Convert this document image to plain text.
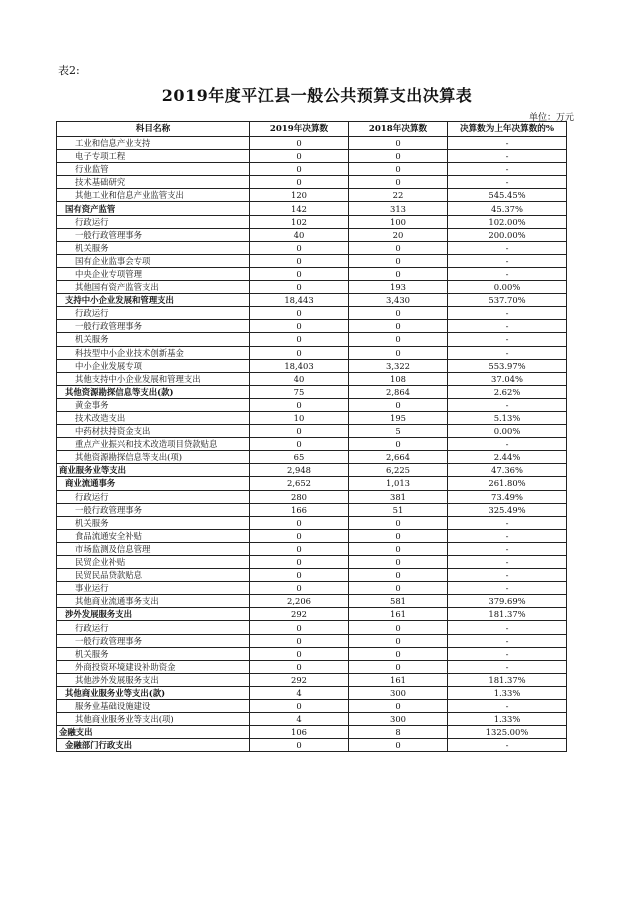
表2:
2019年度平江县一般公共预算支出决算表
单位：万元
科目名称	2019年决算数	2018年决算数	决算数为上年决算数的%
工业和信息产业支持	0	0	-
电子专项工程	0	0	-
行业监管	0	0	-
技术基础研究	0	0	-
其他工业和信息产业监管支出	120	22	545.45%
国有资产监管	142	313	45.37%
行政运行	102	100	102.00%
一般行政管理事务	40	20	200.00%
机关服务	0	0	-
国有企业监事会专项	0	0	-
中央企业专项管理	0	0	-
其他国有资产监管支出	0	193	0.00%
支持中小企业发展和管理支出	18,443	3,430	537.70%
行政运行	0	0	-
一般行政管理事务	0	0	-
机关服务	0	0	-
科技型中小企业技术创新基金	0	0	-
中小企业发展专项	18,403	3,322	553.97%
其他支持中小企业发展和管理支出	40	108	37.04%
其他资源勘探信息等支出(款)	75	2,864	2.62%
黄金事务	0	0	-
技术改造支出	10	195	5.13%
中药材扶持资金支出	0	5	0.00%
重点产业振兴和技术改造项目贷款贴息	0	0	-
其他资源勘探信息等支出(项)	65	2,664	2.44%
商业服务业等支出	2,948	6,225	47.36%
商业流通事务	2,652	1,013	261.80%
行政运行	280	381	73.49%
一般行政管理事务	166	51	325.49%
机关服务	0	0	-
食品流通安全补贴	0	0	-
市场监测及信息管理	0	0	-
民贸企业补贴	0	0	-
民贸民品贷款贴息	0	0	-
事业运行	0	0	-
其他商业流通事务支出	2,206	581	379.69%
涉外发展服务支出	292	161	181.37%
行政运行	0	0	-
一般行政管理事务	0	0	-
机关服务	0	0	-
外商投资环境建设补助资金	0	0	-
其他涉外发展服务支出	292	161	181.37%
其他商业服务业等支出(款)	4	300	1.33%
服务业基础设施建设	0	0	-
其他商业服务业等支出(项)	4	300	1.33%
金融支出	106	8	1325.00%
金融部门行政支出	0	0	-
